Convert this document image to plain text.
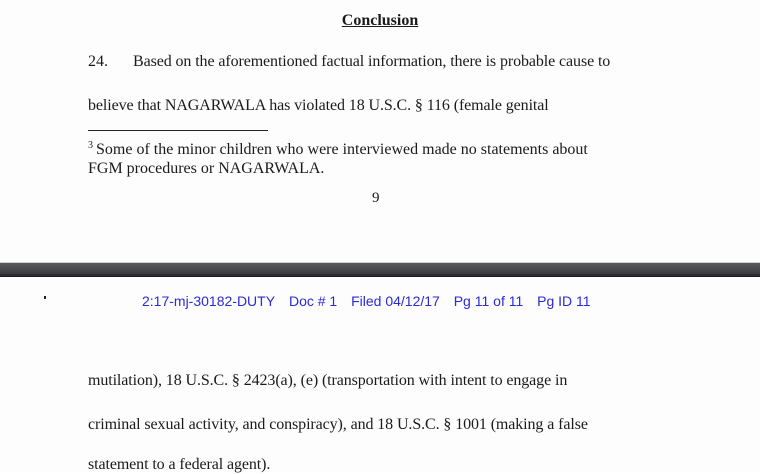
Conclusion
24. Based on the aforementioned factual information, there is probable cause to
believe that NAGARWALA has violated 18 U.S.C. § 116 (female genital
$^3$ Some of the minor children who were interviewed made no statements about
FGM procedures or NAGARWALA.
9
2:17-mj-30182-DUTY Doc # 1 Filed 04/12/17 Pg 11 of 11 Pg ID 11
mutilation), 18 U.S.C. § 2423(a), (e) (transportation with intent to engage in
criminal sexual activity, and conspiracy), and 18 U.S.C. § 1001 (making a false
statement to a federal agent).
